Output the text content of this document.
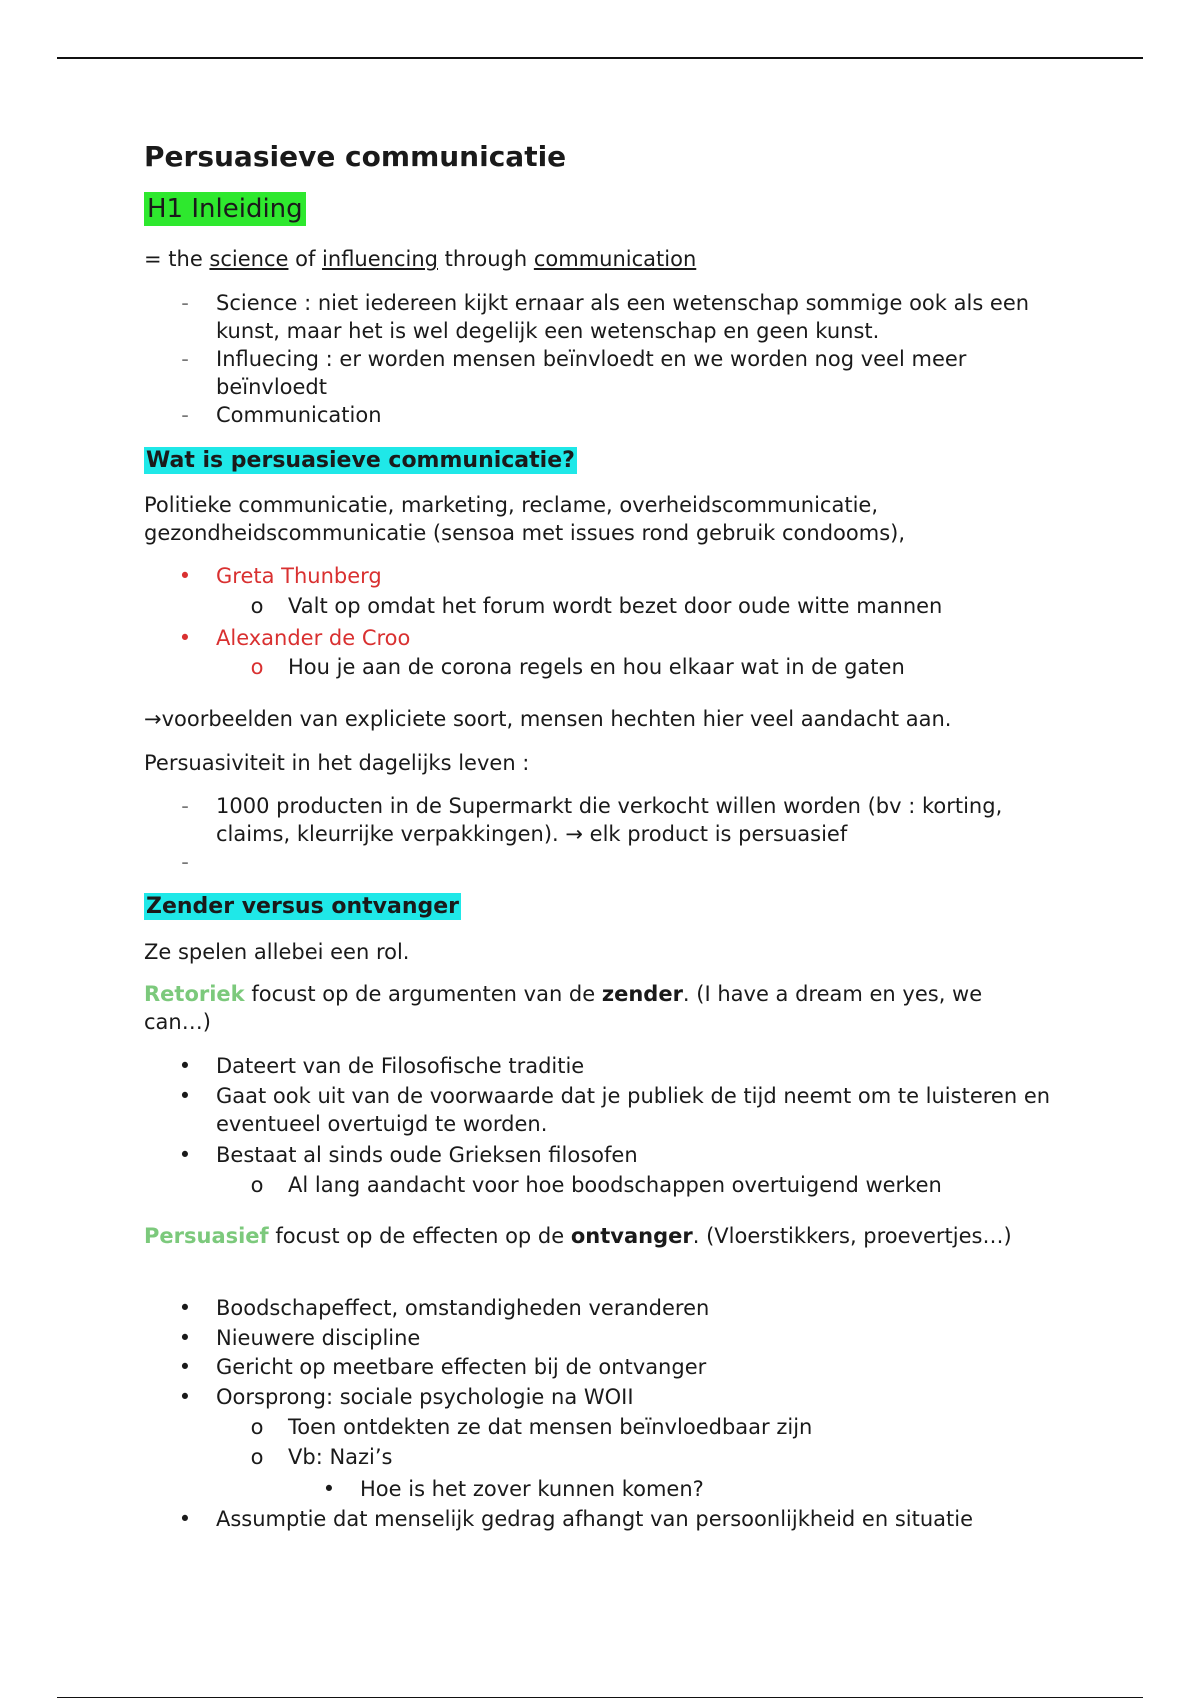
Persuasieve communicatie
H1 Inleiding
= the science of influencing through communication
- Science : niet iedereen kijkt ernaar als een wetenschap sommige ook als een kunst, maar het is wel degelijk een wetenschap en geen kunst.
- Influecing : er worden mensen beïnvloedt en we worden nog veel meer beïnvloedt
- Communication
Wat is persuasieve communicatie?
Politieke communicatie, marketing, reclame, overheidscommunicatie, gezondheidscommunicatie (sensoa met issues rond gebruik condooms),
• Greta Thunberg
o Valt op omdat het forum wordt bezet door oude witte mannen
• Alexander de Croo
o Hou je aan de corona regels en hou elkaar wat in de gaten
→voorbeelden van expliciete soort, mensen hechten hier veel aandacht aan.
Persuasiviteit in het dagelijks leven :
- 1000 producten in de Supermarkt die verkocht willen worden (bv : korting, claims, kleurrijke verpakkingen). → elk product is persuasief
-

Zender versus ontvanger
Ze spelen allebei een rol.
Retoriek focust op de argumenten van de zender. (I have a dream en yes, we can…)
• Dateert van de Filosofische traditie
• Gaat ook uit van de voorwaarde dat je publiek de tijd neemt om te luisteren en eventueel overtuigd te worden.
• Bestaat al sinds oude Grieksen filosofen
o Al lang aandacht voor hoe boodschappen overtuigend werken
Persuasief focust op de effecten op de ontvanger. (Vloerstikkers, proevertjes…)
• Boodschapeffect, omstandigheden veranderen
• Nieuwere discipline
• Gericht op meetbare effecten bij de ontvanger
• Oorsprong: sociale psychologie na WOII
o Toen ontdekten ze dat mensen beïnvloedbaar zijn
o Vb: Nazi’s
• Hoe is het zover kunnen komen?
• Assumptie dat menselijk gedrag afhangt van persoonlijkheid en situatie
